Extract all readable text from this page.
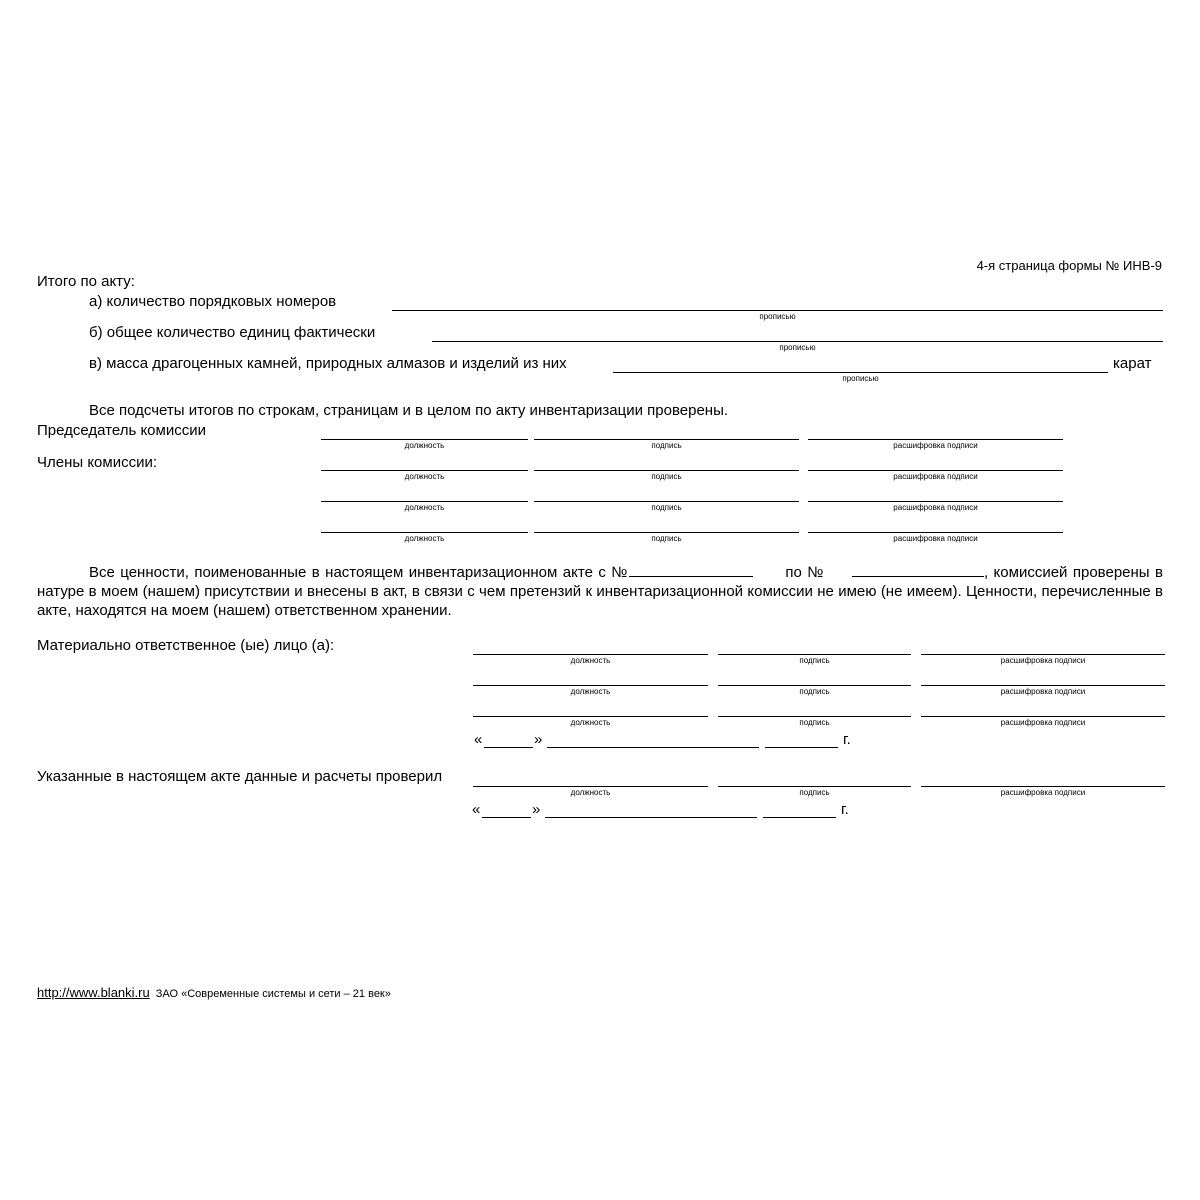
4-я страница формы № ИНВ-9
Итого по акту:
а) количество порядковых номеров
прописью
б) общее количество единиц фактически
прописью
в) масса драгоценных камней, природных алмазов и изделий из них	карат
прописью
Все подсчеты итогов по строкам, страницам и в целом по акту инвентаризации проверены.
Председатель комиссии
Члены комиссии:
должность	подпись	расшифровка подписи
должность	подпись	расшифровка подписи
должность	подпись	расшифровка подписи
должность	подпись	расшифровка подписи
Все ценности, поименованные в настоящем инвентаризационном акте с №	по №	, комиссией проверены в натуре в моем (нашем) присутствии и внесены в акт, в связи с чем претензий к инвентаризационной комиссии не имею (не имеем). Ценности, перечисленные в акте, находятся на моем (нашем) ответственном хранении.
Материально ответственное (ые) лицо (а):
должность	подпись	расшифровка подписи
должность	подпись	расшифровка подписи
должность	подпись	расшифровка подписи
«	»	г.
Указанные в настоящем акте данные и расчеты проверил
должность	подпись	расшифровка подписи
«	»	г.
http://www.blanki.ru ЗАО «Современные системы и сети – 21 век»
